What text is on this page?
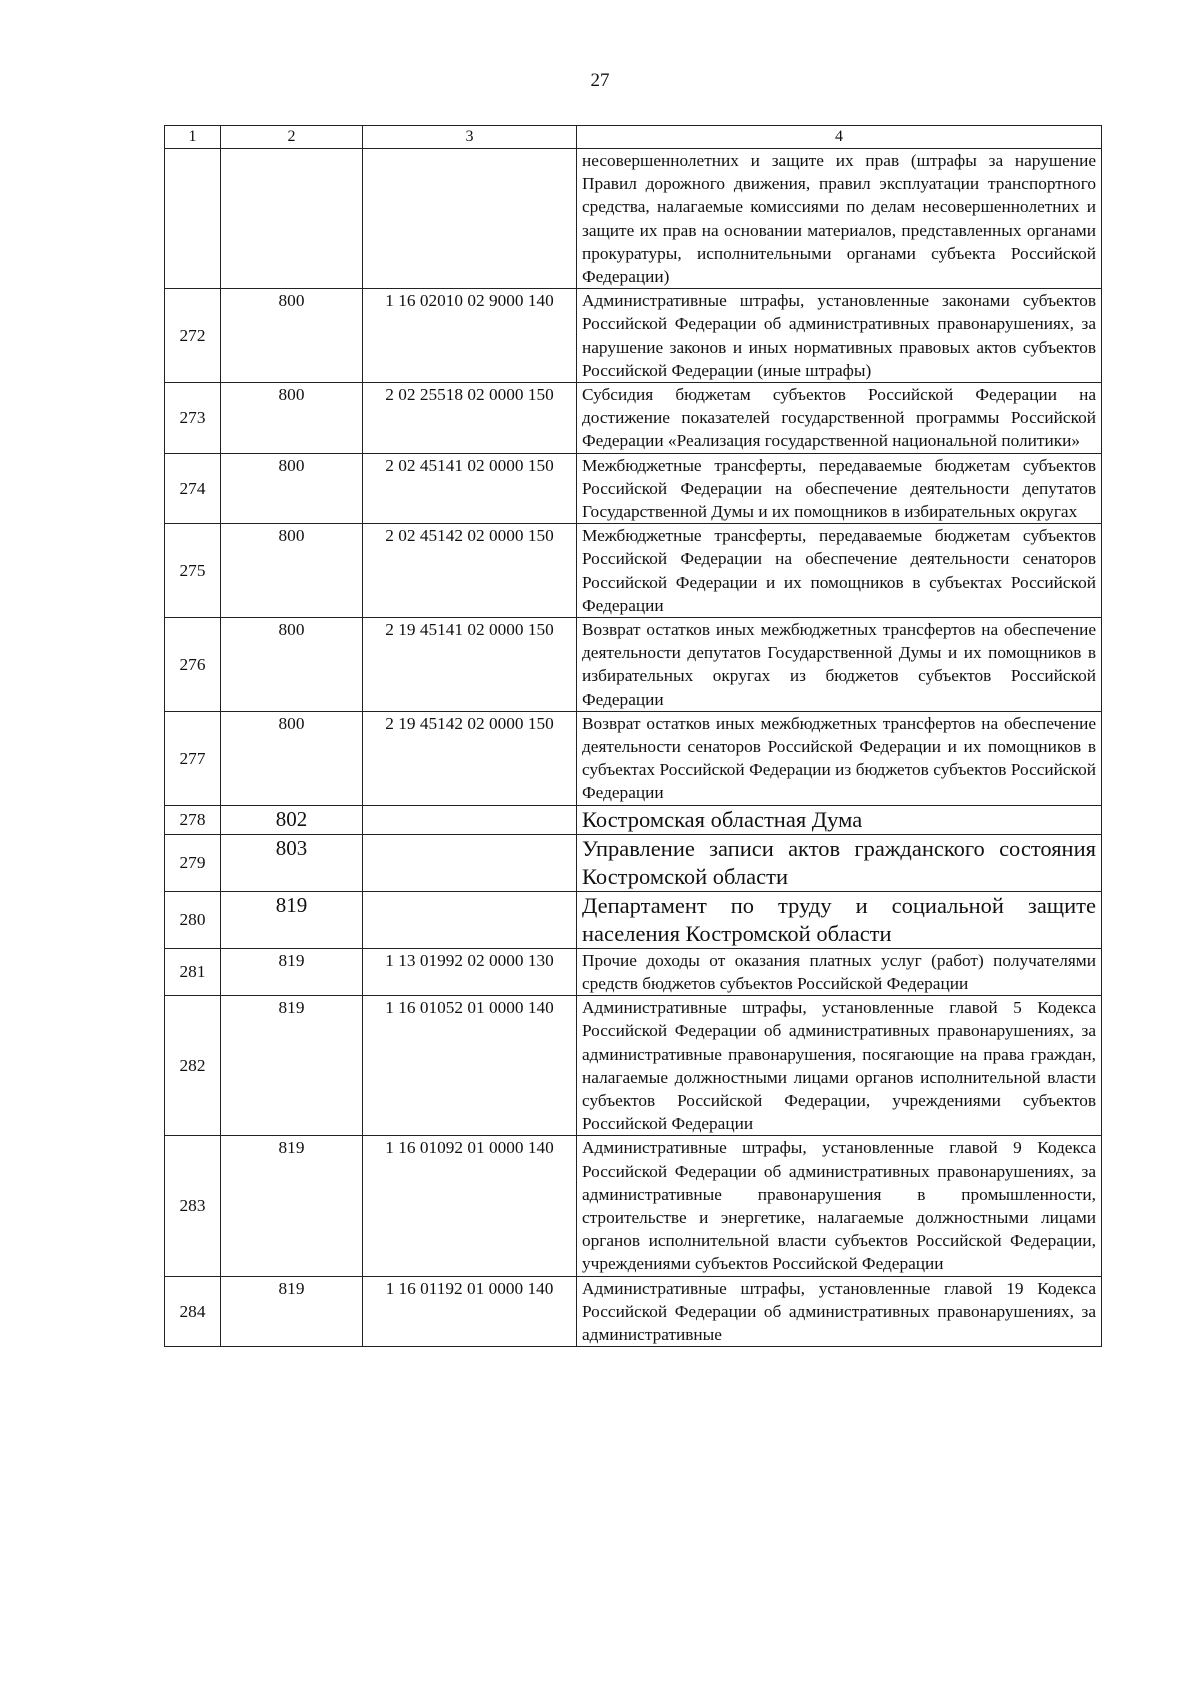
27
1	2	3	4
			несовершеннолетних и защите их прав (штрафы за нарушение Правил дорожного движения, правил эксплуатации транспортного средства, налагаемые комиссиями по делам несовершеннолетних и защите их прав на основании материалов, представленных органами прокуратуры, исполнительными органами субъекта Российской Федерации)
272	800	1 16 02010 02 9000 140	Административные штрафы, установленные законами субъектов Российской Федерации об административных правонарушениях, за нарушение законов и иных нормативных правовых актов субъектов Российской Федерации (иные штрафы)
273	800	2 02 25518 02 0000 150	Субсидия бюджетам субъектов Российской Федерации на достижение показателей государственной программы Российской Федерации «Реализация государственной национальной политики»
274	800	2 02 45141 02 0000 150	Межбюджетные трансферты, передаваемые бюджетам субъектов Российской Федерации на обеспечение деятельности депутатов Государственной Думы и их помощников в избирательных округах
275	800	2 02 45142 02 0000 150	Межбюджетные трансферты, передаваемые бюджетам субъектов Российской Федерации на обеспечение деятельности сенаторов Российской Федерации и их помощников в субъектах Российской Федерации
276	800	2 19 45141 02 0000 150	Возврат остатков иных межбюджетных трансфертов на обеспечение деятельности депутатов Государственной Думы и их помощников в избирательных округах из бюджетов субъектов Российской Федерации
277	800	2 19 45142 02 0000 150	Возврат остатков иных межбюджетных трансфертов на обеспечение деятельности сенаторов Российской Федерации и их помощников в субъектах Российской Федерации из бюджетов субъектов Российской Федерации
278	802		Костромская областная Дума
279	803		Управление записи актов гражданского состояния Костромской области
280	819		Департамент по труду и социальной защите населения Костромской области
281	819	1 13 01992 02 0000 130	Прочие доходы от оказания платных услуг (работ) получателями средств бюджетов субъектов Российской Федерации
282	819	1 16 01052 01 0000 140	Административные штрафы, установленные главой 5 Кодекса Российской Федерации об административных правонарушениях, за административные правонарушения, посягающие на права граждан, налагаемые должностными лицами органов исполнительной власти субъектов Российской Федерации, учреждениями субъектов Российской Федерации
283	819	1 16 01092 01 0000 140	Административные штрафы, установленные главой 9 Кодекса Российской Федерации об административных правонарушениях, за административные правонарушения в промышленности, строительстве и энергетике, налагаемые должностными лицами органов исполнительной власти субъектов Российской Федерации, учреждениями субъектов Российской Федерации
284	819	1 16 01192 01 0000 140	Административные штрафы, установленные главой 19 Кодекса Российской Федерации об административных правонарушениях, за административные
